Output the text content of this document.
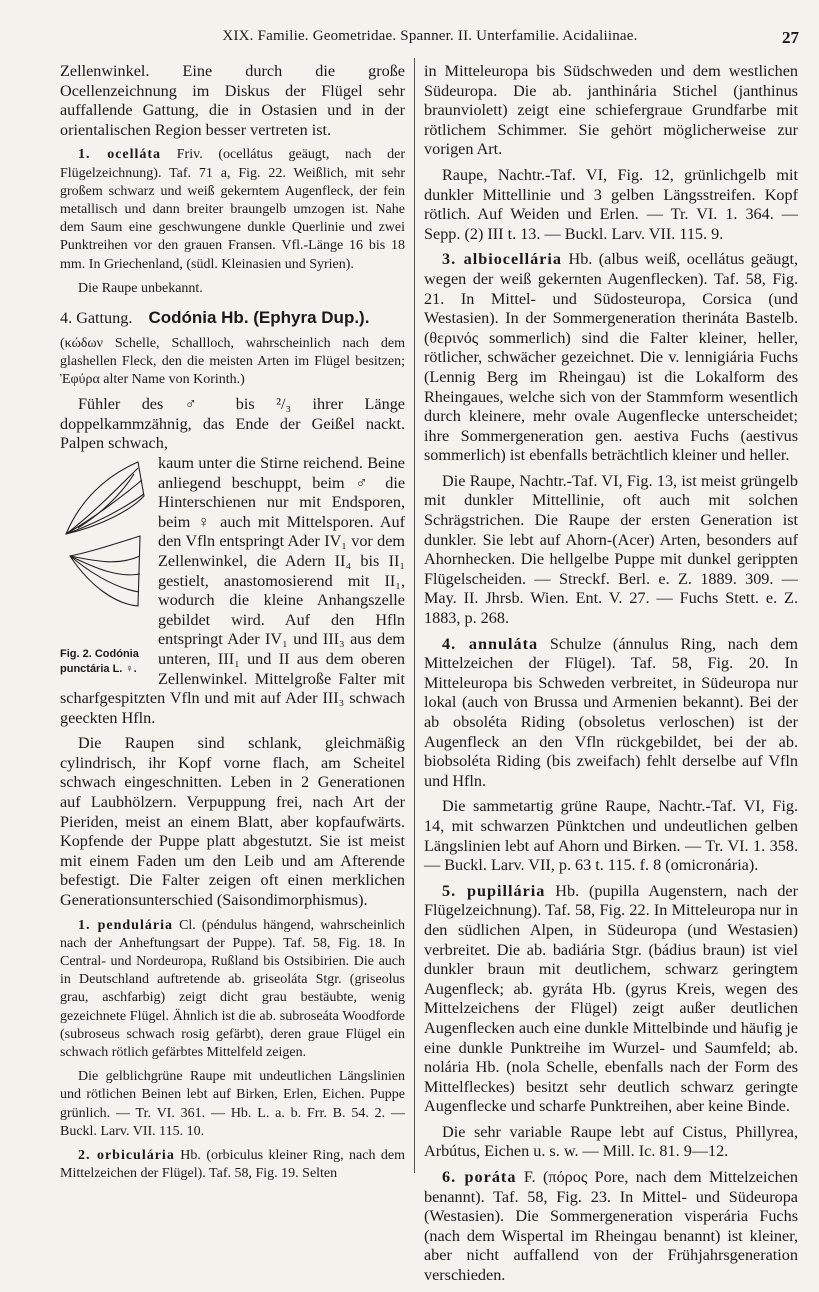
XIX. Familie. Geometridae. Spanner. II. Unterfamilie. Acidaliinae.	27

Zellenwinkel. Eine durch die große Ocellenzeichnung im Diskus der Flügel sehr auffallende Gattung, die in Ostasien und in der orientalischen Region besser vertreten ist.

1. ocelláta Friv. (ocellátus geäugt, nach der Flügelzeichnung). Taf. 71 a, Fig. 22. Weißlich, mit sehr großem schwarz und weiß gekerntem Augenfleck, der fein metallisch und dann breiter braungelb umzogen ist. Nahe dem Saum eine geschwungene dunkle Querlinie und zwei Punktreihen vor den grauen Fransen. Vfl.-Länge 16 bis 18 mm. In Griechenland, (südl. Kleinasien und Syrien).

Die Raupe unbekannt.

4. Gattung. Codónia Hb. (Ephyra Dup.).

(κώδων Schelle, Schallloch, wahrscheinlich nach dem glashellen Fleck, den die meisten Arten im Flügel besitzen; Ἐφύρα alter Name von Korinth.)

Fühler des ♂ bis ²/₃ ihrer Länge doppelkammzähnig, das Ende der Geißel nackt. Palpen schwach,

Fig. 2. Codónia
punctária L. ♀.

kaum unter die Stirne reichend. Beine anliegend beschuppt, beim ♂ die Hinterschienen nur mit Endsporen, beim ♀ auch mit Mittelsporen. Auf den Vfln entspringt Ader IV₁ vor dem Zellenwinkel, die Adern II₄ bis II₁ gestielt, anastomosierend mit II₁, wodurch die kleine Anhangszelle gebildet wird. Auf den Hfln entspringt Ader IV₁ und III₃ aus dem unteren, III₁ und II aus dem oberen Zellenwinkel. Mittelgroße Falter mit scharfgespitzten Vfln und mit auf Ader III₃ schwach geeckten Hfln.

Die Raupen sind schlank, gleichmäßig cylindrisch, ihr Kopf vorne flach, am Scheitel schwach eingeschnitten. Leben in 2 Generationen auf Laubhölzern. Verpuppung frei, nach Art der Pieriden, meist an einem Blatt, aber kopfaufwärts. Kopfende der Puppe platt abgestutzt. Sie ist meist mit einem Faden um den Leib und am Afterende befestigt. Die Falter zeigen oft einen merklichen Generationsunterschied (Saisondimorphismus).

1. pendulária Cl. (péndulus hängend, wahrscheinlich nach der Anheftungsart der Puppe). Taf. 58, Fig. 18. In Central- und Nordeuropa, Rußland bis Ostsibirien. Die auch in Deutschland auftretende ab. griseoláta Stgr. (griseolus grau, aschfarbig) zeigt dicht grau bestäubte, wenig gezeichnete Flügel. Ähnlich ist die ab. subroseáta Woodforde (subroseus schwach rosig gefärbt), deren graue Flügel ein schwach rötlich gefärbtes Mittelfeld zeigen.

Die gelblichgrüne Raupe mit undeutlichen Längslinien und rötlichen Beinen lebt auf Birken, Erlen, Eichen. Puppe grünlich. — Tr. VI. 361. — Hb. L. a. b. Frr. B. 54. 2. — Buckl. Larv. VII. 115. 10.

2. orbiculária Hb. (orbiculus kleiner Ring, nach dem Mittelzeichen der Flügel). Taf. 58, Fig. 19. Selten

in Mitteleuropa bis Südschweden und dem westlichen Südeuropa. Die ab. janthinária Stichel (janthinus braunviolett) zeigt eine schiefergraue Grundfarbe mit rötlichem Schimmer. Sie gehört möglicherweise zur vorigen Art.

Raupe, Nachtr.-Taf. VI, Fig. 12, grünlichgelb mit dunkler Mittellinie und 3 gelben Längsstreifen. Kopf rötlich. Auf Weiden und Erlen. — Tr. VI. 1. 364. — Sepp. (2) III t. 13. — Buckl. Larv. VII. 115. 9.

3. albiocellária Hb. (albus weiß, ocellátus geäugt, wegen der weiß gekernten Augenflecken). Taf. 58, Fig. 21. In Mittel- und Südosteuropa, Corsica (und Westasien). In der Sommergeneration therináta Bastelb. (θερινός sommerlich) sind die Falter kleiner, heller, rötlicher, schwächer gezeichnet. Die v. lennigiária Fuchs (Lennig Berg im Rheingau) ist die Lokalform des Rheingaues, welche sich von der Stammform wesentlich durch kleinere, mehr ovale Augenflecke unterscheidet; ihre Sommergeneration gen. aestiva Fuchs (aestivus sommerlich) ist ebenfalls beträchtlich kleiner und heller.

Die Raupe, Nachtr.-Taf. VI, Fig. 13, ist meist grüngelb mit dunkler Mittellinie, oft auch mit solchen Schrägstrichen. Die Raupe der ersten Generation ist dunkler. Sie lebt auf Ahorn-(Acer) Arten, besonders auf Ahornhecken. Die hellgelbe Puppe mit dunkel gerippten Flügelscheiden. — Streckf. Berl. e. Z. 1889. 309. — May. II. Jhrsb. Wien. Ent. V. 27. — Fuchs Stett. e. Z. 1883, p. 268.

4. annuláta Schulze (ánnulus Ring, nach dem Mittelzeichen der Flügel). Taf. 58, Fig. 20. In Mitteleuropa bis Schweden verbreitet, in Südeuropa nur lokal (auch von Brussa und Armenien bekannt). Bei der ab obsoléta Riding (obsoletus verloschen) ist der Augenfleck an den Vfln rückgebildet, bei der ab. biobsoléta Riding (bis zweifach) fehlt derselbe auf Vfln und Hfln.

Die sammetartig grüne Raupe, Nachtr.-Taf. VI, Fig. 14, mit schwarzen Pünktchen und undeutlichen gelben Längslinien lebt auf Ahorn und Birken. — Tr. VI. 1. 358. — Buckl. Larv. VII, p. 63 t. 115. f. 8 (omicronária).

5. pupillária Hb. (pupilla Augenstern, nach der Flügelzeichnung). Taf. 58, Fig. 22. In Mitteleuropa nur in den südlichen Alpen, in Südeuropa (und Westasien) verbreitet. Die ab. badiária Stgr. (bádius braun) ist viel dunkler braun mit deutlichem, schwarz geringtem Augenfleck; ab. gyráta Hb. (gyrus Kreis, wegen des Mittelzeichens der Flügel) zeigt außer deutlichen Augenflecken auch eine dunkle Mittelbinde und häufig je eine dunkle Punktreihe im Wurzel- und Saumfeld; ab. nolária Hb. (nola Schelle, ebenfalls nach der Form des Mittelfleckes) besitzt sehr deutlich schwarz geringte Augenflecke und scharfe Punktreihen, aber keine Binde.

Die sehr variable Raupe lebt auf Cistus, Phillyrea, Arbútus, Eichen u. s. w. — Mill. Ic. 81. 9—12.

6. poráta F. (πόρος Pore, nach dem Mittelzeichen benannt). Taf. 58, Fig. 23. In Mittel- und Südeuropa (Westasien). Die Sommergeneration visperária Fuchs (nach dem Wispertal im Rheingau benannt) ist kleiner, aber nicht auffallend von der Frühjahrsgeneration verschieden.
